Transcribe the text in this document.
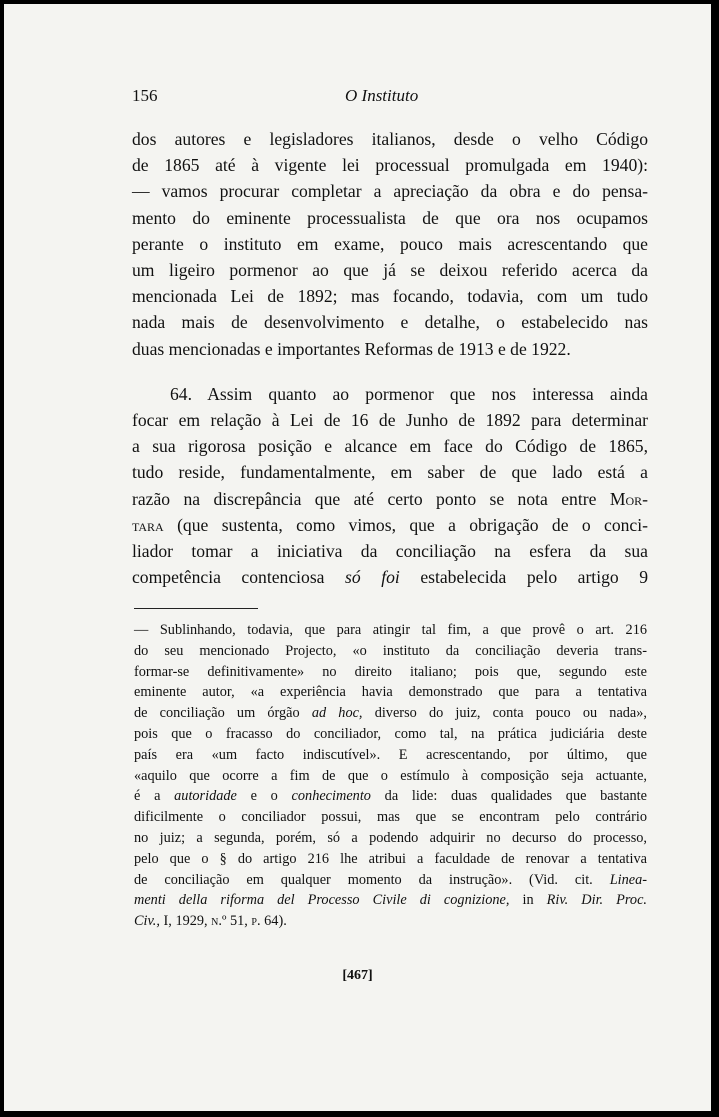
156	O Instituto
dos autores e legisladores italianos, desde o velho Código
de 1865 até à vigente lei processual promulgada em 1940):
— vamos procurar completar a apreciação da obra e do pensa-
mento do eminente processualista de que ora nos ocupamos
perante o instituto em exame, pouco mais acrescentando que
um ligeiro pormenor ao que já se deixou referido acerca da
mencionada Lei de 1892; mas focando, todavia, com um tudo
nada mais de desenvolvimento e detalhe, o estabelecido nas
duas mencionadas e importantes Reformas de 1913 e de 1922.
64. Assim quanto ao pormenor que nos interessa ainda
focar em relação à Lei de 16 de Junho de 1892 para determinar
a sua rigorosa posição e alcance em face do Código de 1865,
tudo reside, fundamentalmente, em saber de que lado está a
razão na discrepância que até certo ponto se nota entre Mor-
tara (que sustenta, como vimos, que a obrigação de o conci-
liador tomar a iniciativa da conciliação na esfera da sua
competência contenciosa só foi estabelecida pelo artigo 9
— Sublinhando, todavia, que para atingir tal fim, a que provê o art. 216
do seu mencionado Projecto, «o instituto da conciliação deveria trans-
formar-se definitivamente» no direito italiano; pois que, segundo este
eminente autor, «a experiência havia demonstrado que para a tentativa
de conciliação um órgão ad hoc, diverso do juiz, conta pouco ou nada»,
pois que o fracasso do conciliador, como tal, na prática judiciária deste
país era «um facto indiscutível». E acrescentando, por último, que
«aquilo que ocorre a fim de que o estímulo à composição seja actuante,
é a autoridade e o conhecimento da lide: duas qualidades que bastante
dificilmente o conciliador possui, mas que se encontram pelo contrário
no juiz; a segunda, porém, só a podendo adquirir no decurso do processo,
pelo que o § do artigo 216 lhe atribui a faculdade de renovar a tentativa
de conciliação em qualquer momento da instrução». (Vid. cit. Linea-
menti della riforma del Processo Civile di cognizione, in Riv. Dir. Proc.
Civ., I, 1929, n.º 51, p. 64).
[467]
